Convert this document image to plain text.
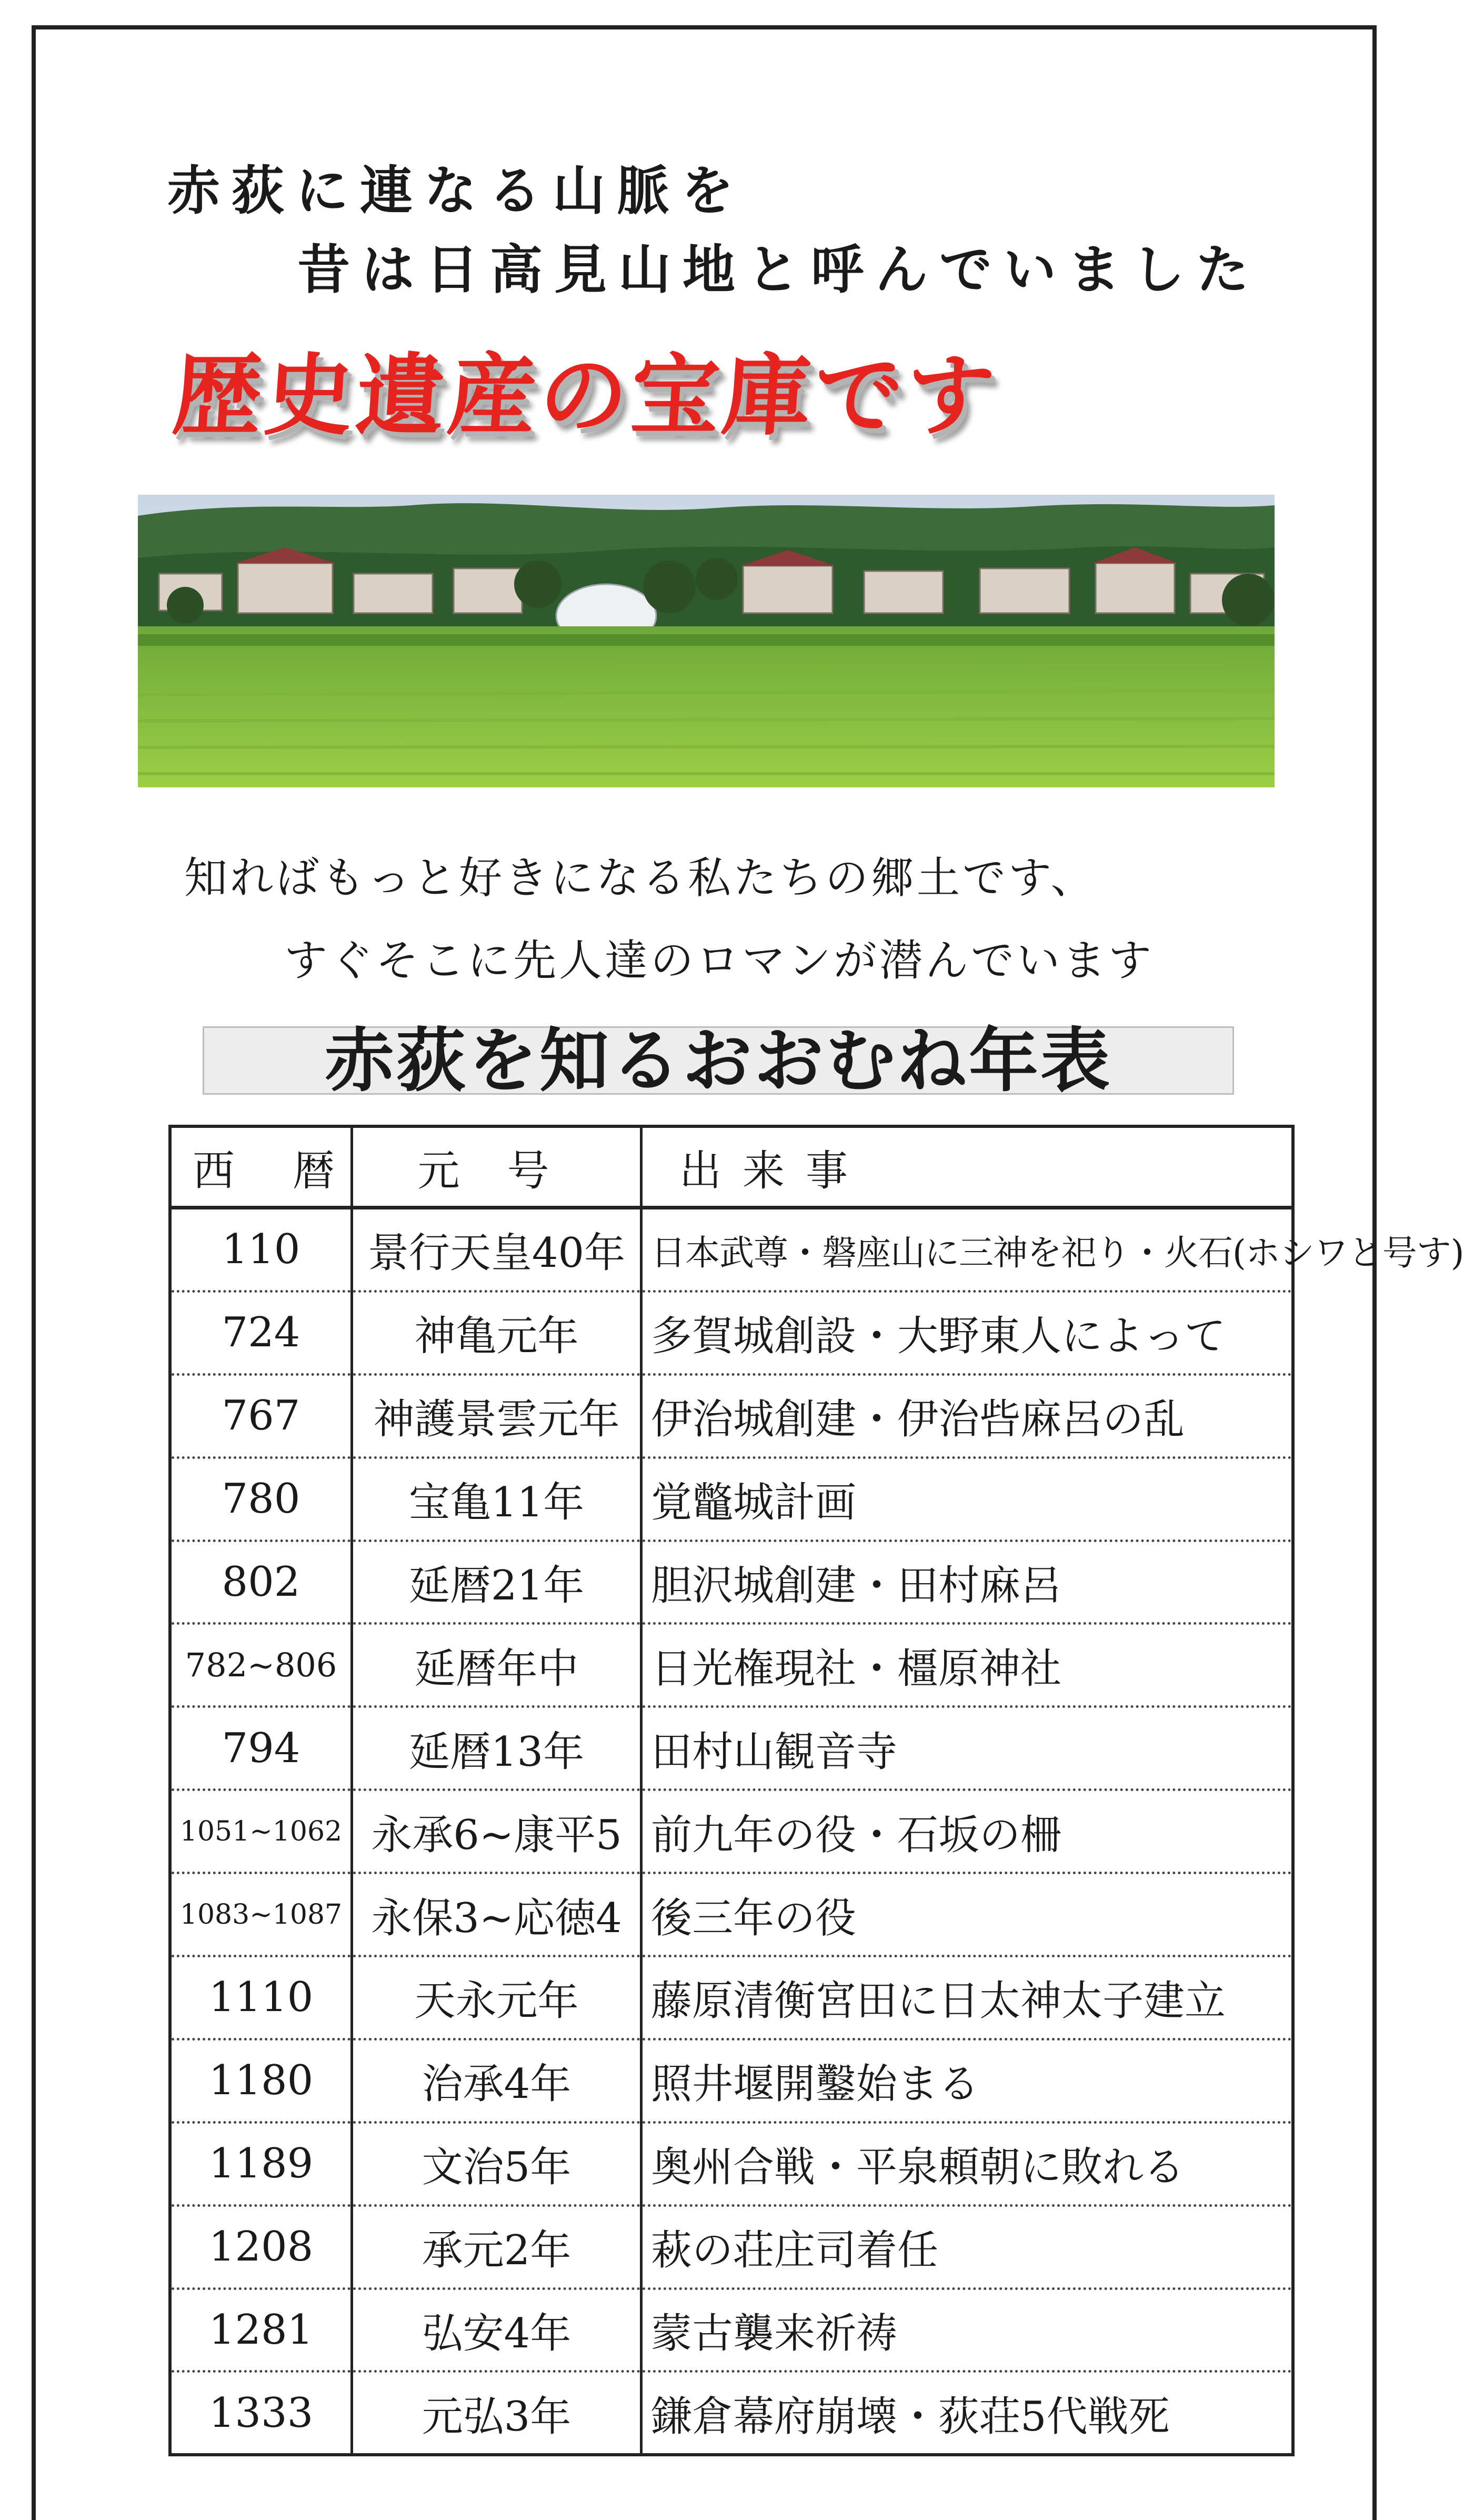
赤荻に連なる山脈を
昔は日高見山地と呼んでいました
歴史遺産の宝庫です
知ればもっと好きになる私たちの郷土です、
すぐそこに先人達のロマンが潜んでいます
赤荻を知るおおむね年表
西暦	元号	出来事
110	景行天皇40年	日本武尊・磐座山に三神を祀り・火石(ホシワと号す)
724	神亀元年	多賀城創設・大野東人によって
767	神護景雲元年	伊治城創建・伊治呰麻呂の乱
780	宝亀11年	覚鼈城計画
802	延暦21年	胆沢城創建・田村麻呂
782~806	延暦年中	日光権現社・橿原神社
794	延暦13年	田村山観音寺
1051~1062	永承6~康平5	前九年の役・石坂の柵
1083~1087	永保3~応徳4	後三年の役
1110	天永元年	藤原清衡宮田に日太神太子建立
1180	治承4年	照井堰開鑿始まる
1189	文治5年	奥州合戦・平泉頼朝に敗れる
1208	承元2年	萩の荘庄司着任
1281	弘安4年	蒙古襲来祈祷
1333	元弘3年	鎌倉幕府崩壊・荻荘5代戦死
